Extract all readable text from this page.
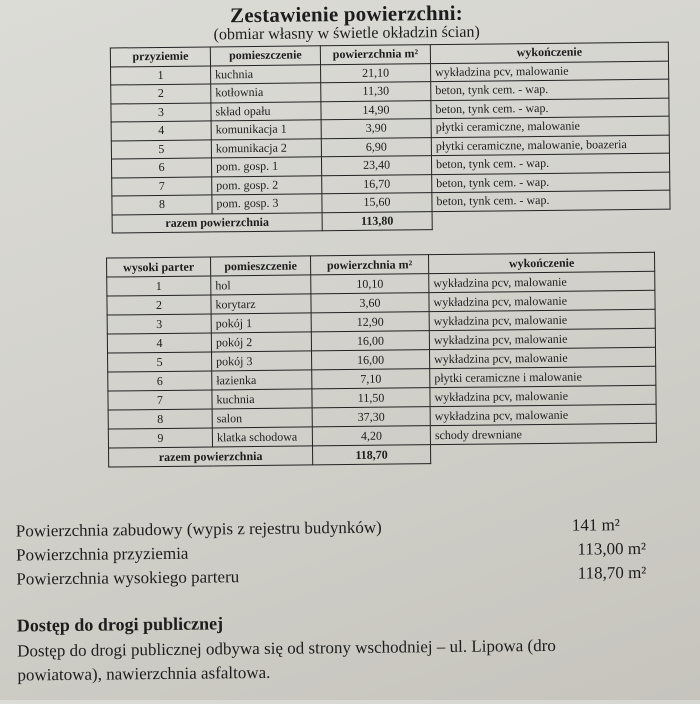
Zestawienie powierzchni:
(obmiar własny w świetle okładzin ścian)
przyziemie	pomieszczenie	powierzchnia m²	wykończenie
1	kuchnia	21,10	wykładzina pcv, malowanie
2	kotłownia	11,30	beton, tynk cem. - wap.
3	skład opału	14,90	beton, tynk cem. - wap.
4	komunikacja 1	3,90	płytki ceramiczne, malowanie
5	komunikacja 2	6,90	płytki ceramiczne, malowanie, boazeria
6	pom. gosp. 1	23,40	beton, tynk cem. - wap.
7	pom. gosp. 2	16,70	beton, tynk cem. - wap.
8	pom. gosp. 3	15,60	beton, tynk cem. - wap.
razem powierzchnia		113,80	
wysoki parter	pomieszczenie	powierzchnia m²	wykończenie
1	hol	10,10	wykładzina pcv, malowanie
2	korytarz	3,60	wykładzina pcv, malowanie
3	pokój 1	12,90	wykładzina pcv, malowanie
4	pokój 2	16,00	wykładzina pcv, malowanie
5	pokój 3	16,00	wykładzina pcv, malowanie
6	łazienka	7,10	płytki ceramiczne i malowanie
7	kuchnia	11,50	wykładzina pcv, malowanie
8	salon	37,30	wykładzina pcv, malowanie
9	klatka schodowa	4,20	schody drewniane
razem powierzchnia		118,70	
Powierzchnia zabudowy (wypis z rejestru budynków)	141 m²
Powierzchnia przyziemia	113,00 m²
Powierzchnia wysokiego parteru	118,70 m²
Dostęp do drogi publicznej
Dostęp do drogi publicznej odbywa się od strony wschodniej – ul. Lipowa (dro
powiatowa), nawierzchnia asfaltowa.
